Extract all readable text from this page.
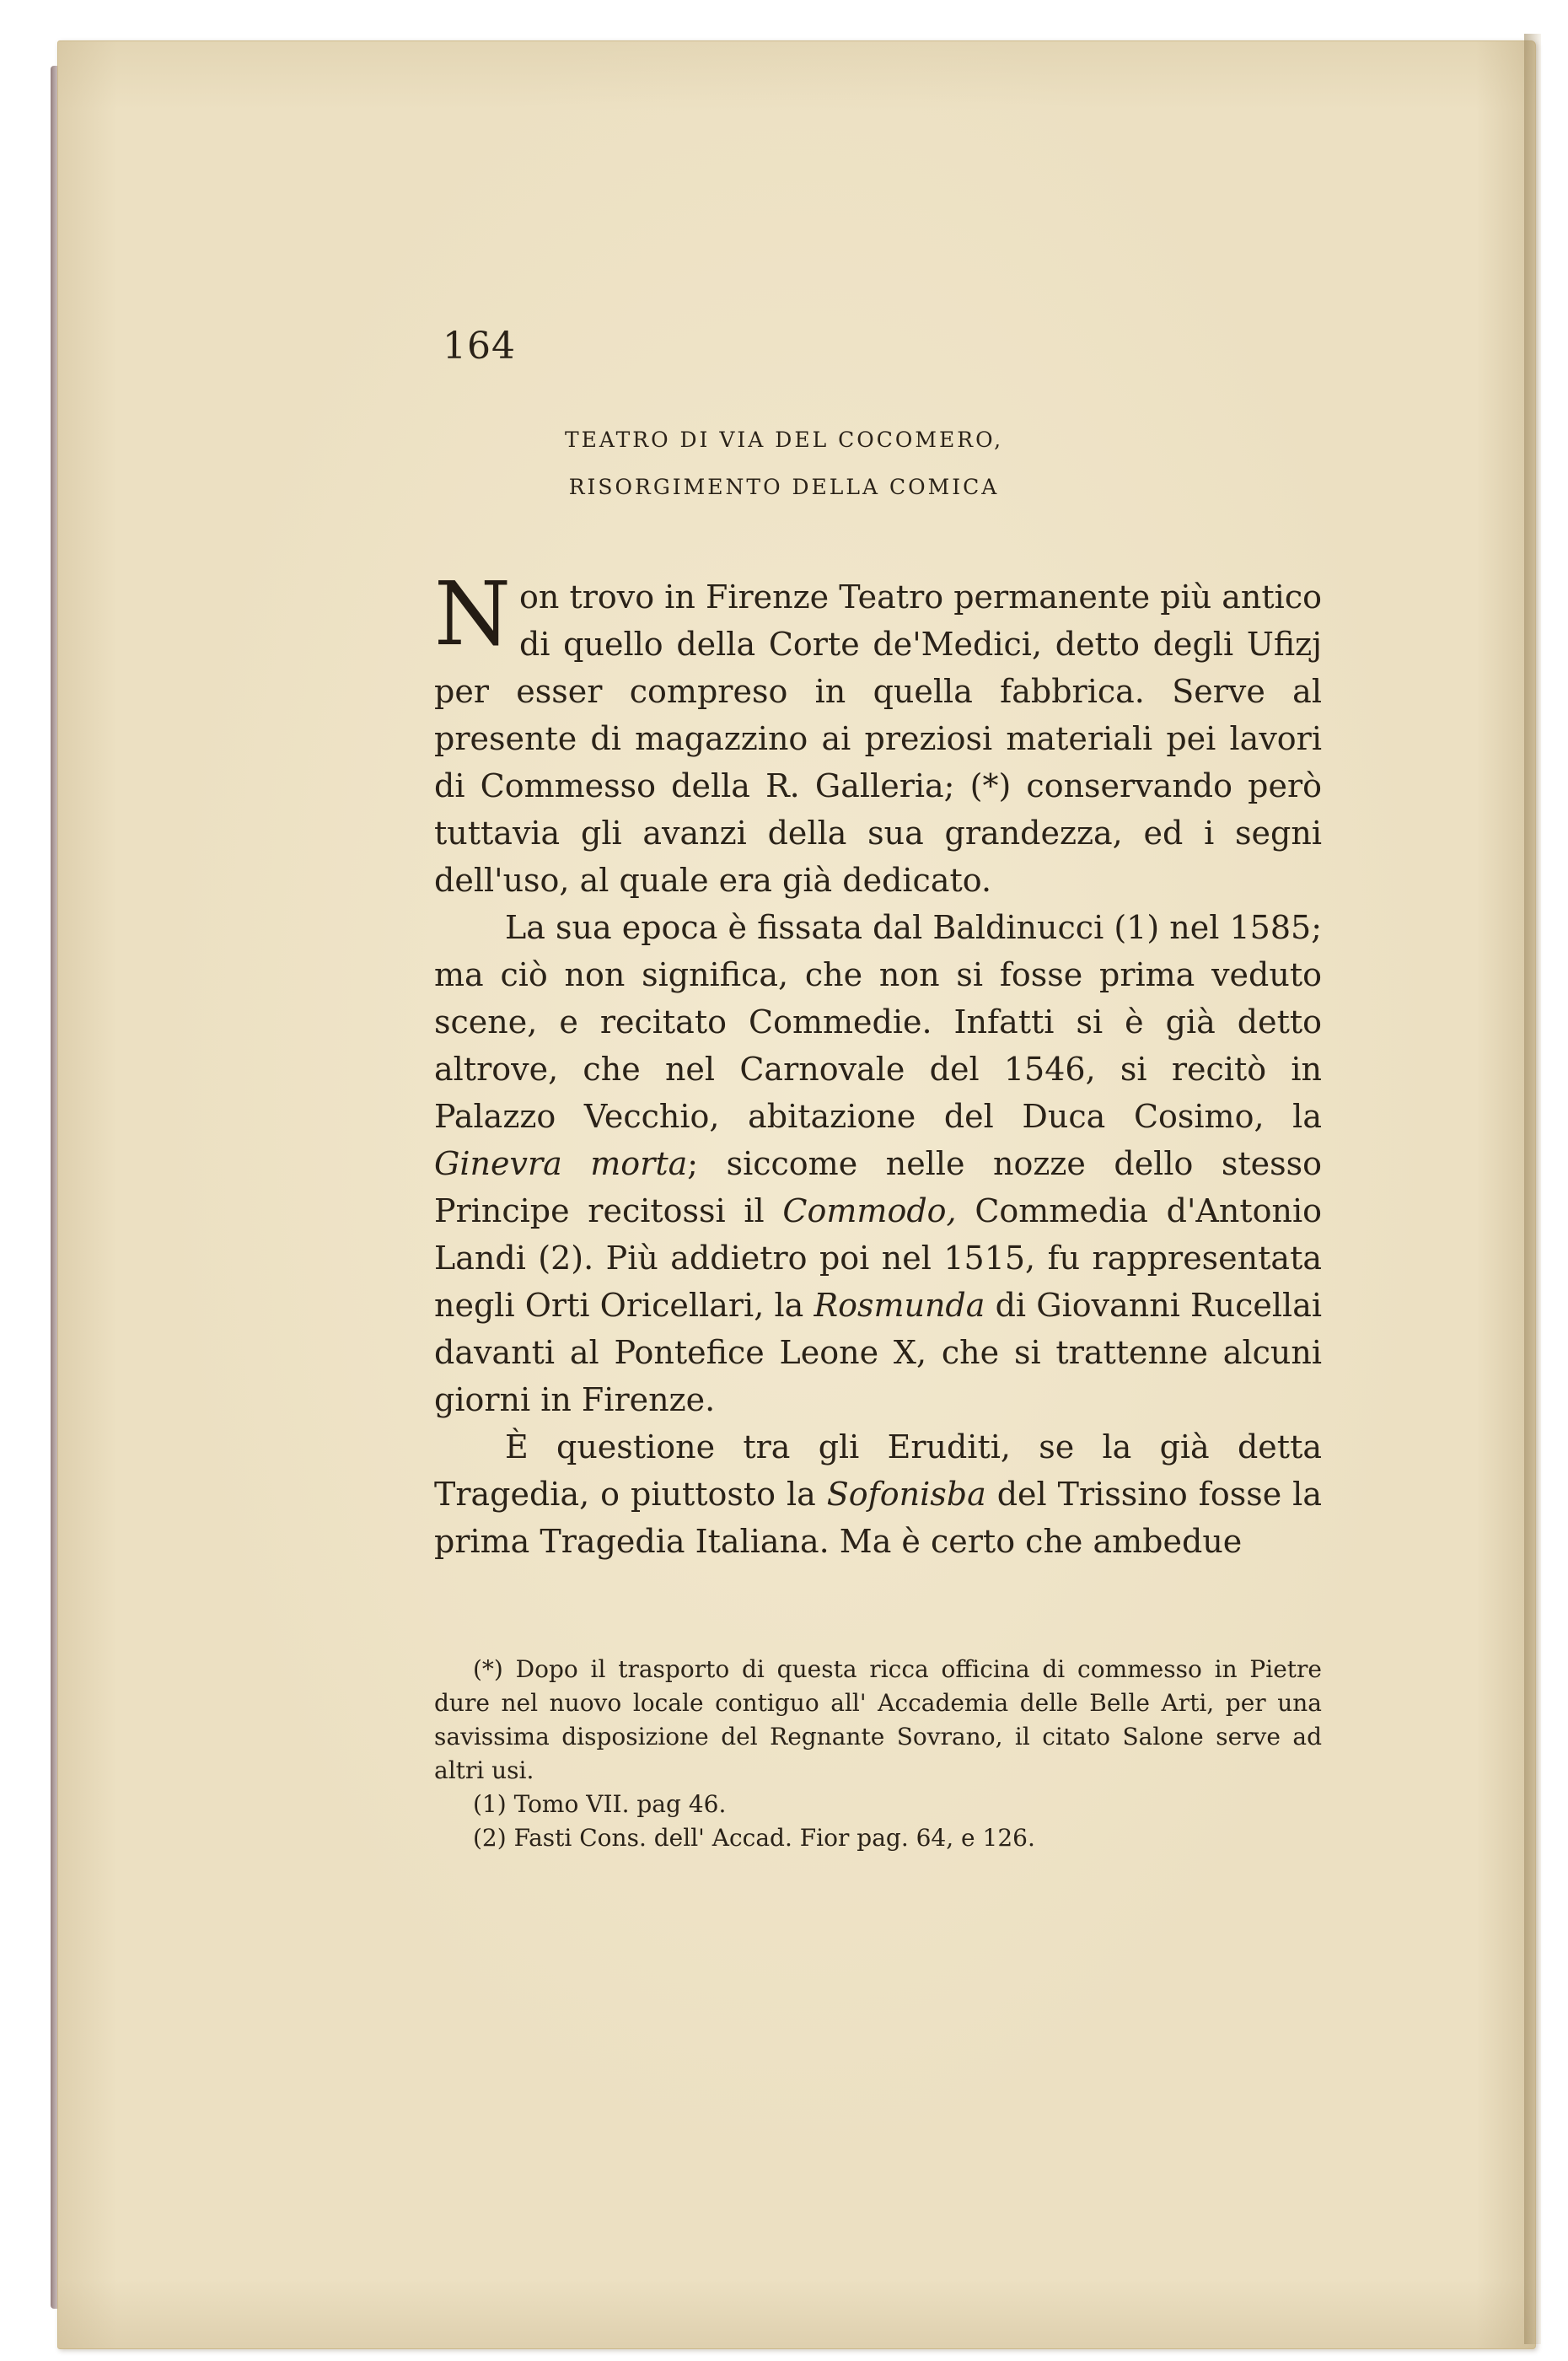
164
TEATRO DI VIA DEL COCOMERO,
RISORGIMENTO DELLA COMICA

Non trovo in Firenze Teatro permanente più antico di quello della Corte de'Medici, detto degli Ufizj per esser compreso in quella fabbrica. Serve al presente di magazzino ai preziosi materiali pei lavori di Commesso della R. Galleria; (*) conservando però tuttavia gli avanzi della sua grandezza, ed i segni dell'uso, al quale era già dedicato.

La sua epoca è fissata dal Baldinucci (1) nel 1585; ma ciò non significa, che non si fosse prima veduto scene, e recitato Commedie. Infatti si è già detto altrove, che nel Carnovale del 1546, si recitò in Palazzo Vecchio, abitazione del Duca Cosimo, la Ginevra morta; siccome nelle nozze dello stesso Principe recitossi il Commodo, Commedia d'Antonio Landi (2). Più addietro poi nel 1515, fu rappresentata negli Orti Oricellari, la Rosmunda di Giovanni Rucellai davanti al Pontefice Leone X, che si trattenne alcuni giorni in Firenze.

È questione tra gli Eruditi, se la già detta Tragedia, o piuttosto la Sofonisba del Trissino fosse la prima Tragedia Italiana. Ma è certo che ambedue

(*) Dopo il trasporto di questa ricca officina di commesso in Pietre dure nel nuovo locale contiguo all' Accademia delle Belle Arti, per una savissima disposizione del Regnante Sovrano, il citato Salone serve ad altri usi.

(1) Tomo VII. pag 46.

(2) Fasti Cons. dell' Accad. Fior pag. 64, e 126.
